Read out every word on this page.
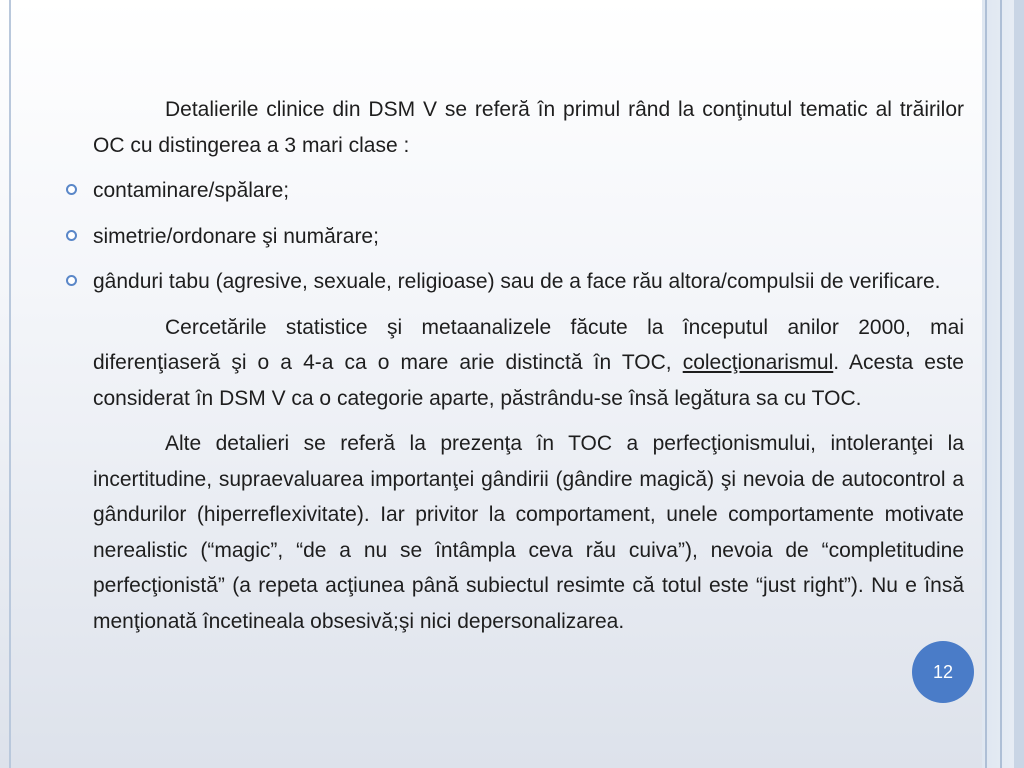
Detalierile clinice din DSM V se referă în primul rând la conţinutul tematic al trăirilor OC cu distingerea a 3 mari clase :

contaminare/spălare;
simetrie/ordonare şi numărare;
gânduri tabu (agresive, sexuale, religioase) sau de a face rău altora/compulsii de verificare.

Cercetările statistice şi metaanalizele făcute la începutul anilor 2000, mai diferenţiaseră şi o a 4-a ca o mare arie distinctă în TOC, colecţionarismul. Acesta este considerat în DSM V ca o categorie aparte, păstrându-se însă legătura sa cu TOC.

Alte detalieri se referă la prezenţa în TOC a perfecţionismului, intoleranţei la incertitudine, supraevaluarea importanţei gândirii (gândire magică) şi nevoia de autocontrol a gândurilor (hiperreflexivitate). Iar privitor la comportament, unele comportamente motivate nerealistic (“magic”, “de a nu se întâmpla ceva rău cuiva”), nevoia de “completitudine perfecţionistă” (a repeta acţiunea până subiectul resimte că totul este “just right”). Nu e însă menţionată încetineala obsesivă;şi nici depersonalizarea.

12
